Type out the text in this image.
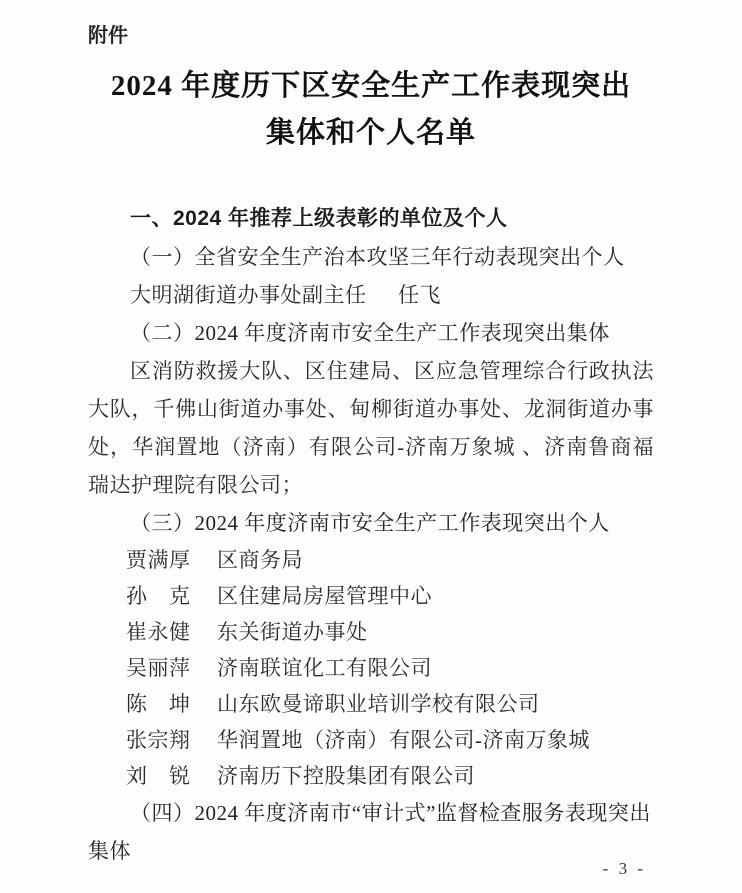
附件
2024 年度历下区安全生产工作表现突出
集体和个人名单
一、2024 年推荐上级表彰的单位及个人
（一）全省安全生产治本攻坚三年行动表现突出个人
大明湖街道办事处副主任 任飞
（二）2024 年度济南市安全生产工作表现突出集体

区消防救援大队、区住建局、区应急管理综合行政执法大队，千佛山街道办事处、甸柳街道办事处、龙洞街道办事处，华润置地（济南）有限公司-济南万象城 、济南鲁商福瑞达护理院有限公司；

（三）2024 年度济南市安全生产工作表现突出个人
贾满厚 区商务局
孙　克 区住建局房屋管理中心
崔永健 东关街道办事处
吴丽萍 济南联谊化工有限公司
陈　坤 山东欧曼谛职业培训学校有限公司
张宗翔 华润置地（济南）有限公司-济南万象城
刘　锐 济南历下控股集团有限公司
（四）2024 年度济南市“审计式”监督检查服务表现突出集体
- 3 -
